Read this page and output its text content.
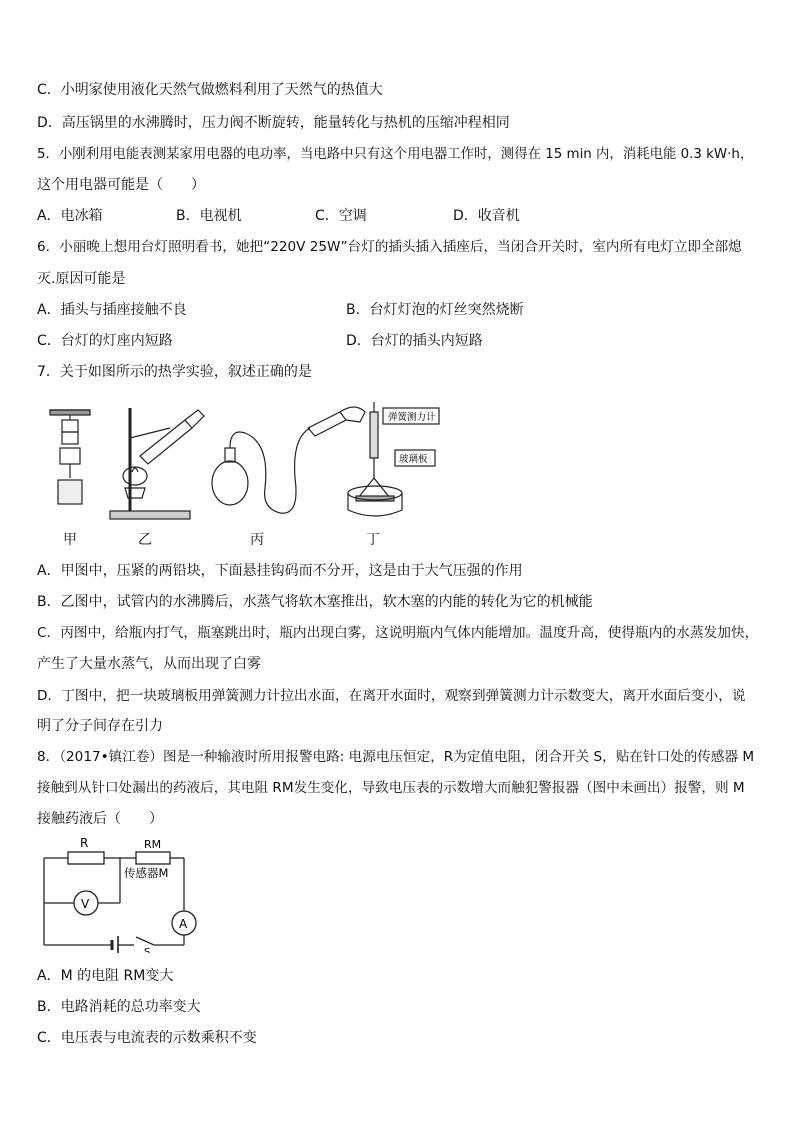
C．小明家使用液化天然气做燃料利用了天然气的热值大
D．高压锅里的水沸腾时，压力阀不断旋转，能量转化与热机的压缩冲程相同
5．小刚利用电能表测某家用电器的电功率，当电路中只有这个用电器工作时，测得在 15 min 内，消耗电能 0.3 kW·h，
这个用电器可能是（　　）
A．电冰箱	B．电视机	C．空调	D．收音机
6．小丽晚上想用台灯照明看书，她把“220V 25W”台灯的插头插入插座后，当闭合开关时，室内所有电灯立即全部熄
灭.原因可能是
A．插头与插座接触不良	B．台灯灯泡的灯丝突然烧断
C．台灯的灯座内短路	D．台灯的插头内短路
7．关于如图所示的热学实验，叙述正确的是
弹簧测力计
玻璃板
甲	乙	丙	丁
A．甲图中，压紧的两铅块，下面悬挂钩码而不分开，这是由于大气压强的作用
B．乙图中，试管内的水沸腾后，水蒸气将软木塞推出，软木塞的内能的转化为它的机械能
C．丙图中，给瓶内打气，瓶塞跳出时，瓶内出现白雾，这说明瓶内气体内能增加。温度升高，使得瓶内的水蒸发加快，
产生了大量水蒸气，从而出现了白雾
D．丁图中，把一块玻璃板用弹簧测力计拉出水面，在离开水面时，观察到弹簧测力计示数变大，离开水面后变小，说
明了分子间存在引力
8．（2017•镇江卷）图是一种输液时所用报警电路: 电源电压恒定，R为定值电阻，闭合开关 S，贴在针口处的传感器 M
接触到从针口处漏出的药液后，其电阻 RM发生变化，导致电压表的示数增大而触犯警报器（图中未画出）报警，则 M
接触药液后（　　）
R	RM
传感器M
V
A
S
A．M 的电阻 RM变大
B．电路消耗的总功率变大
C．电压表与电流表的示数乘积不变
